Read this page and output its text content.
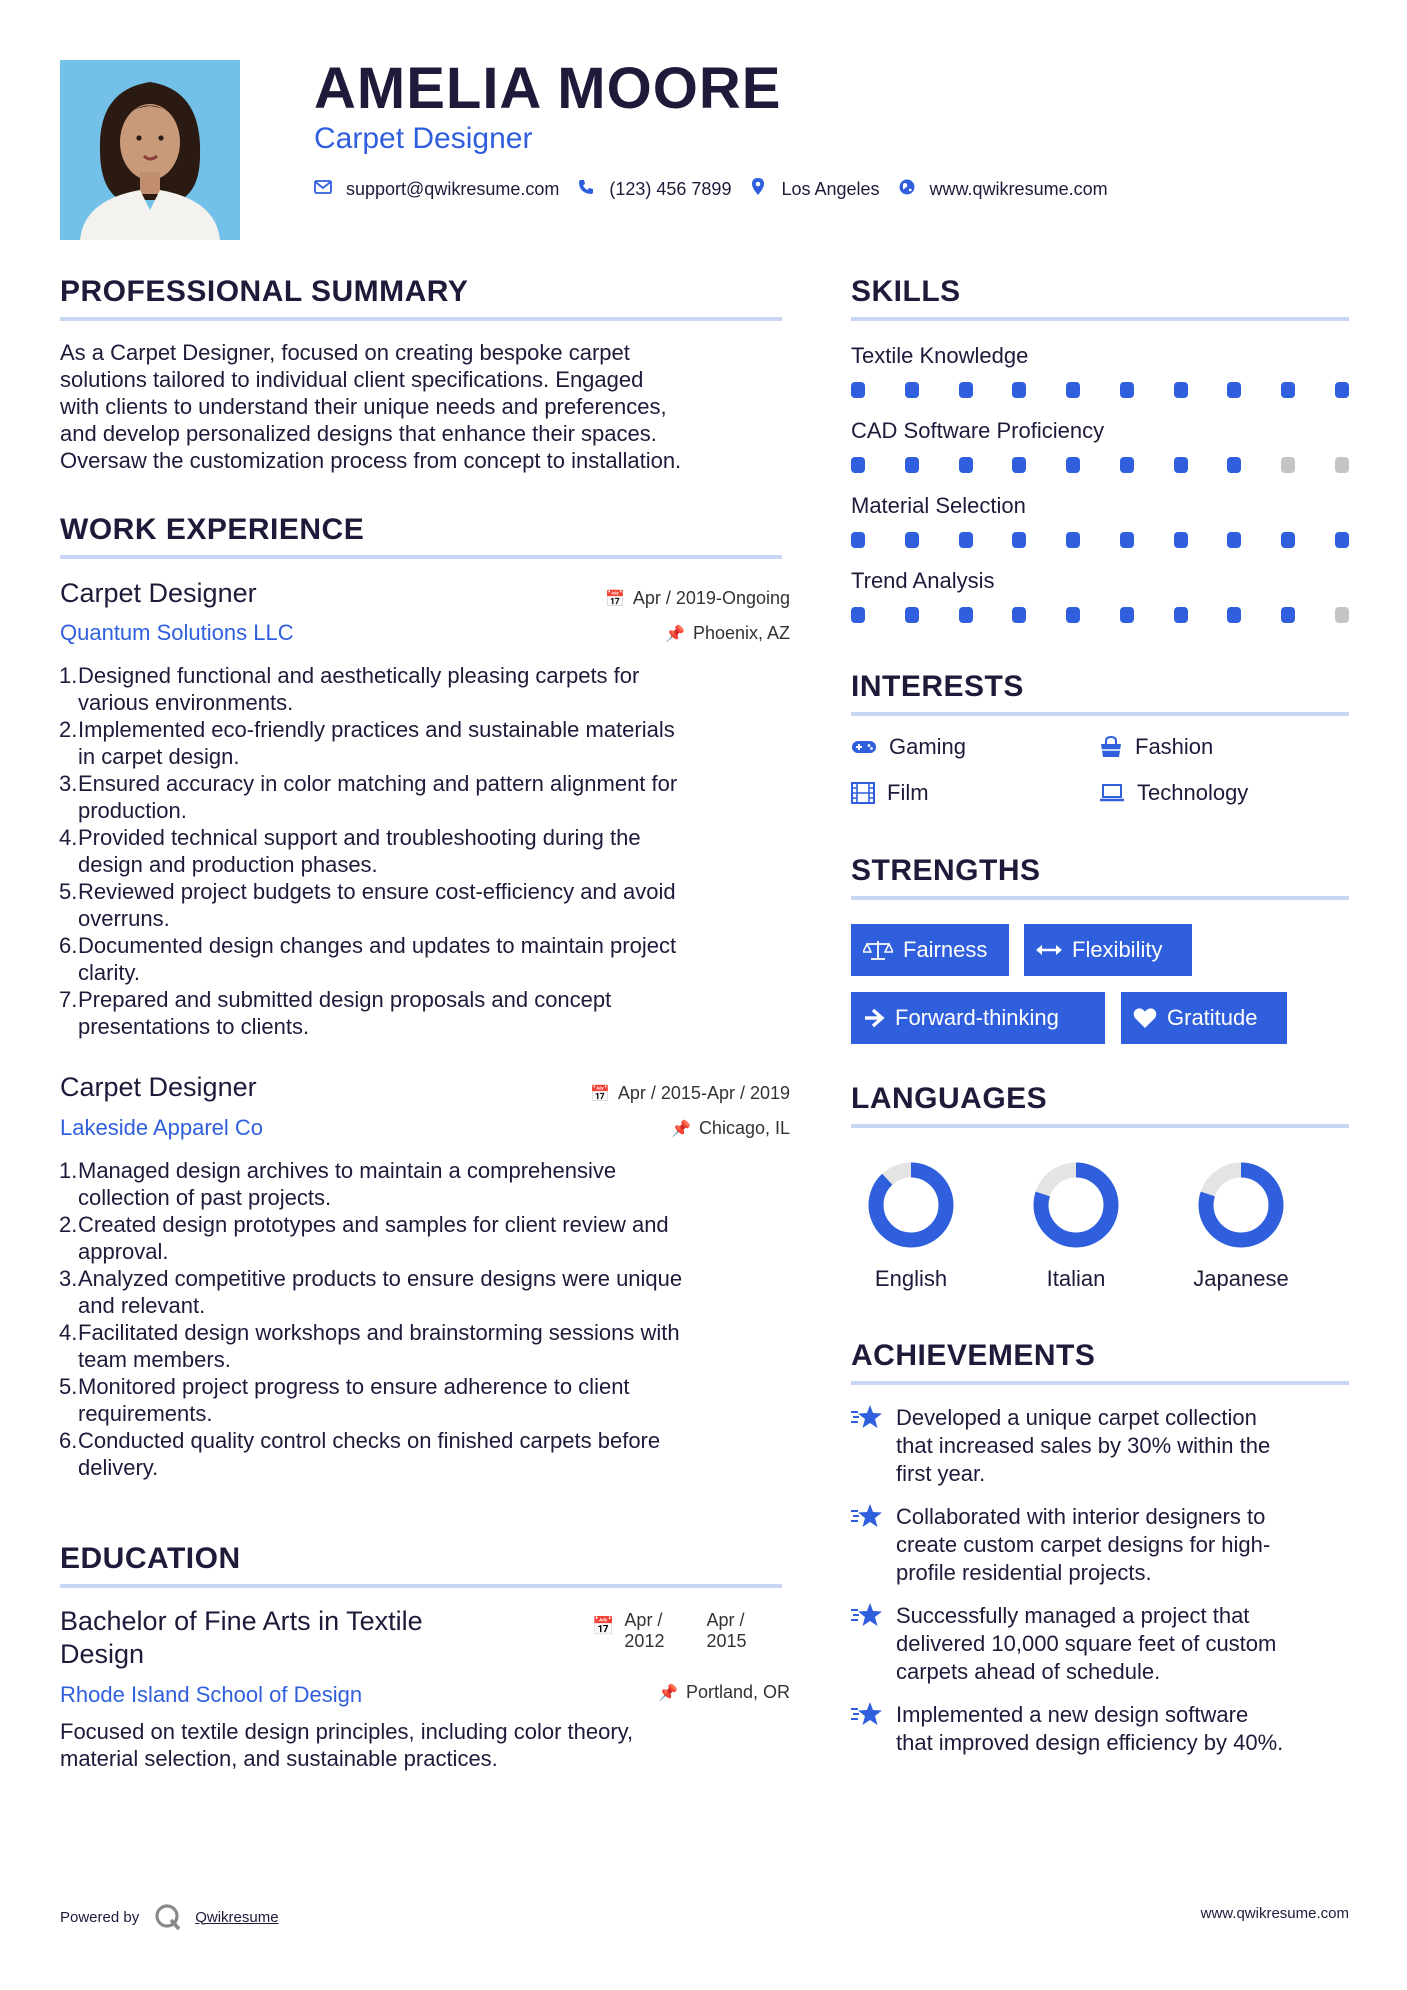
AMELIA MOORE
Carpet Designer
support@qwikresume.com	(123) 456 7899	Los Angeles	www.qwikresume.com
PROFESSIONAL SUMMARY
As a Carpet Designer, focused on creating bespoke carpet
solutions tailored to individual client specifications. Engaged
with clients to understand their unique needs and preferences,
and develop personalized designs that enhance their spaces.
Oversaw the customization process from concept to installation.
WORK EXPERIENCE
Carpet Designer
Quantum Solutions LLC
📅 Apr / 2019-Ongoing
📌 Phoenix, AZ
Designed functional and aesthetically pleasing carpets for
various environments.
Implemented eco-friendly practices and sustainable materials
in carpet design.
Ensured accuracy in color matching and pattern alignment for
production.
Provided technical support and troubleshooting during the
design and production phases.
Reviewed project budgets to ensure cost-efficiency and avoid
overruns.
Documented design changes and updates to maintain project
clarity.
Prepared and submitted design proposals and concept
presentations to clients.
Carpet Designer
Lakeside Apparel Co
📅 Apr / 2015-Apr / 2019
📌 Chicago, IL
Managed design archives to maintain a comprehensive
collection of past projects.
Created design prototypes and samples for client review and
approval.
Analyzed competitive products to ensure designs were unique
and relevant.
Facilitated design workshops and brainstorming sessions with
team members.
Monitored project progress to ensure adherence to client
requirements.
Conducted quality control checks on finished carpets before
delivery.
EDUCATION
Bachelor of Fine Arts in Textile
Design
Rhode Island School of Design
📅 Apr /
2012
Apr /
2015
📌 Portland, OR
Focused on textile design principles, including color theory,
material selection, and sustainable practices.
SKILLS
Textile Knowledge
CAD Software Proficiency
Material Selection
Trend Analysis
INTERESTS
Gaming	Fashion
Film	Technology
STRENGTHS
Fairness	Flexibility
Forward-thinking	Gratitude
LANGUAGES
English	Italian	Japanese
ACHIEVEMENTS
Developed a unique carpet collection
that increased sales by 30% within the
first year.
Collaborated with interior designers to
create custom carpet designs for high-
profile residential projects.
Successfully managed a project that
delivered 10,000 square feet of custom
carpets ahead of schedule.
Implemented a new design software
that improved design efficiency by 40%.
Powered by	Qwikresume	www.qwikresume.com
